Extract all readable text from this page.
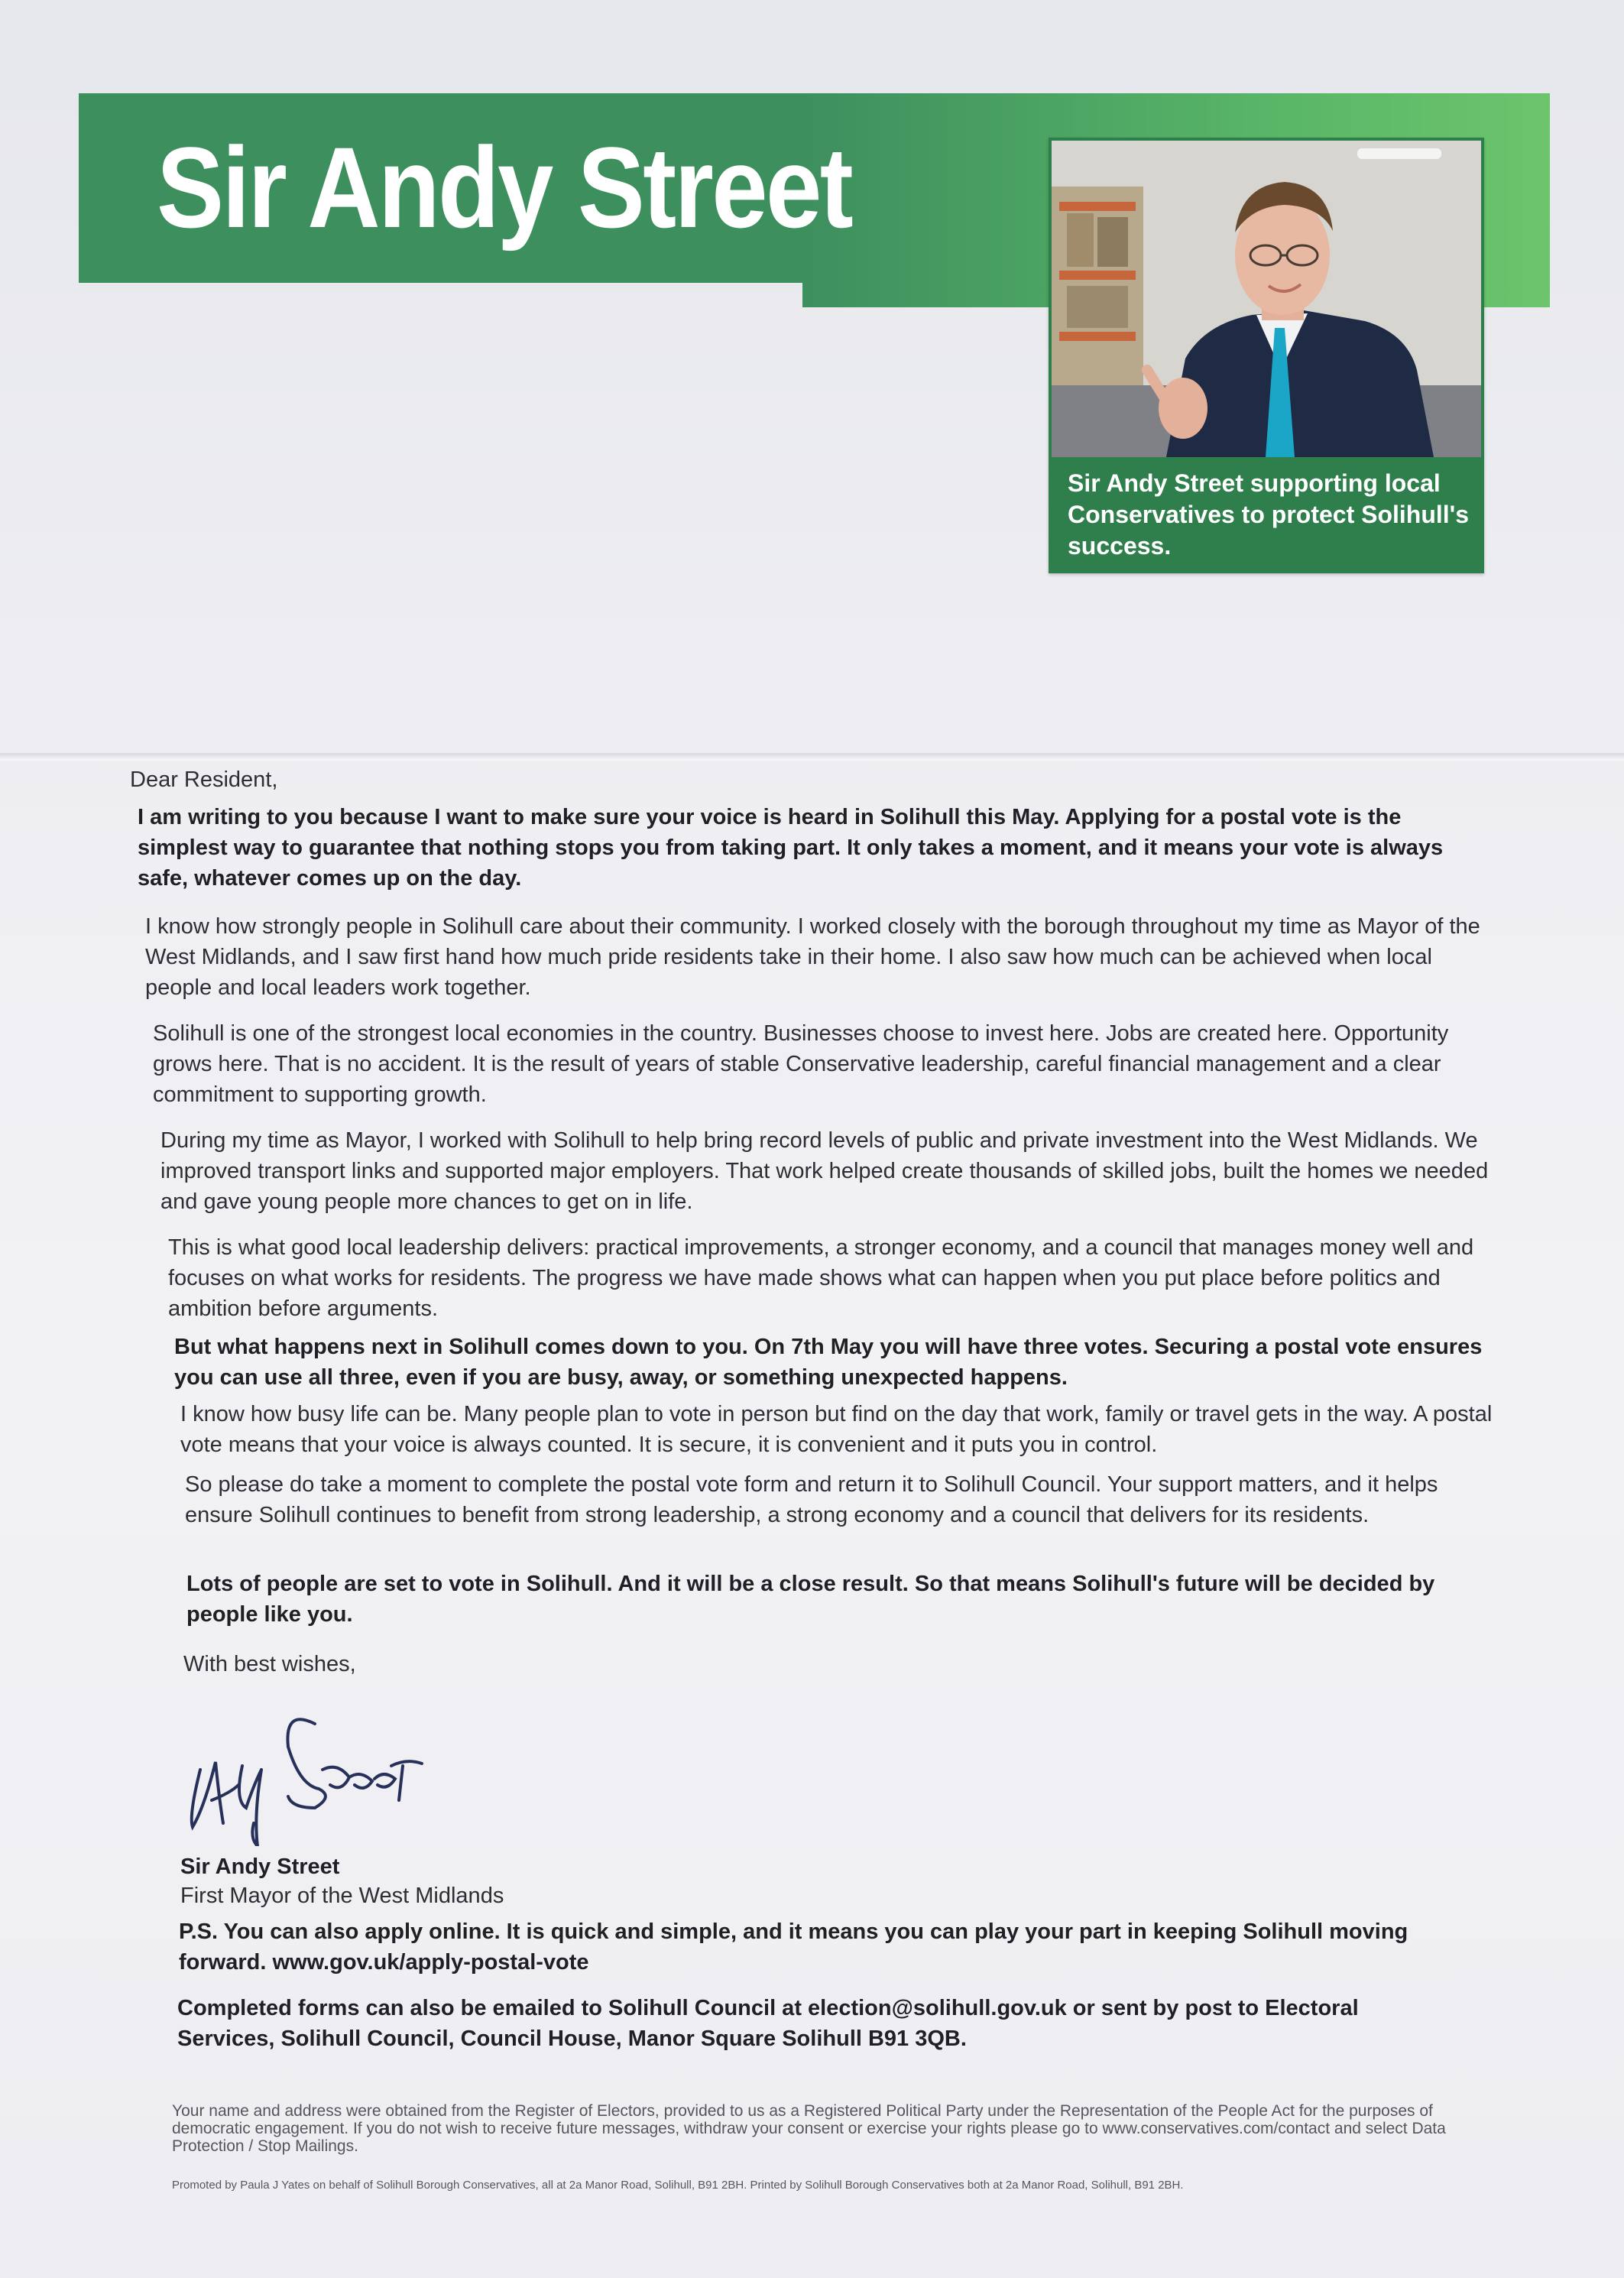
Sir Andy Street
Sir Andy Street supporting local Conservatives to protect Solihull's success.

Dear Resident,

I am writing to you because I want to make sure your voice is heard in Solihull this May. Applying for a postal vote is the simplest way to guarantee that nothing stops you from taking part. It only takes a moment, and it means your vote is always safe, whatever comes up on the day.

I know how strongly people in Solihull care about their community. I worked closely with the borough throughout my time as Mayor of the West Midlands, and I saw first hand how much pride residents take in their home. I also saw how much can be achieved when local people and local leaders work together.

Solihull is one of the strongest local economies in the country. Businesses choose to invest here. Jobs are created here. Opportunity grows here. That is no accident. It is the result of years of stable Conservative leadership, careful financial management and a clear commitment to supporting growth.

During my time as Mayor, I worked with Solihull to help bring record levels of public and private investment into the West Midlands. We improved transport links and supported major employers. That work helped create thousands of skilled jobs, built the homes we needed and gave young people more chances to get on in life.

This is what good local leadership delivers: practical improvements, a stronger economy, and a council that manages money well and focuses on what works for residents. The progress we have made shows what can happen when you put place before politics and ambition before arguments.

But what happens next in Solihull comes down to you. On 7th May you will have three votes. Securing a postal vote ensures you can use all three, even if you are busy, away, or something unexpected happens.

I know how busy life can be. Many people plan to vote in person but find on the day that work, family or travel gets in the way. A postal vote means that your voice is always counted. It is secure, it is convenient and it puts you in control.

So please do take a moment to complete the postal vote form and return it to Solihull Council. Your support matters, and it helps ensure Solihull continues to benefit from strong leadership, a strong economy and a council that delivers for its residents.

Lots of people are set to vote in Solihull. And it will be a close result. So that means Solihull's future will be decided by people like you.

With best wishes,

Sir Andy Street

First Mayor of the West Midlands

P.S. You can also apply online. It is quick and simple, and it means you can play your part in keeping Solihull moving forward. www.gov.uk/apply-postal-vote

Completed forms can also be emailed to Solihull Council at election@solihull.gov.uk or sent by post to Electoral Services, Solihull Council, Council House, Manor Square Solihull B91 3QB.

Your name and address were obtained from the Register of Electors, provided to us as a Registered Political Party under the Representation of the People Act for the purposes of democratic engagement. If you do not wish to receive future messages, withdraw your consent or exercise your rights please go to www.conservatives.com/contact and select Data Protection / Stop Mailings.

Promoted by Paula J Yates on behalf of Solihull Borough Conservatives, all at 2a Manor Road, Solihull, B91 2BH. Printed by Solihull Borough Conservatives both at 2a Manor Road, Solihull, B91 2BH.
